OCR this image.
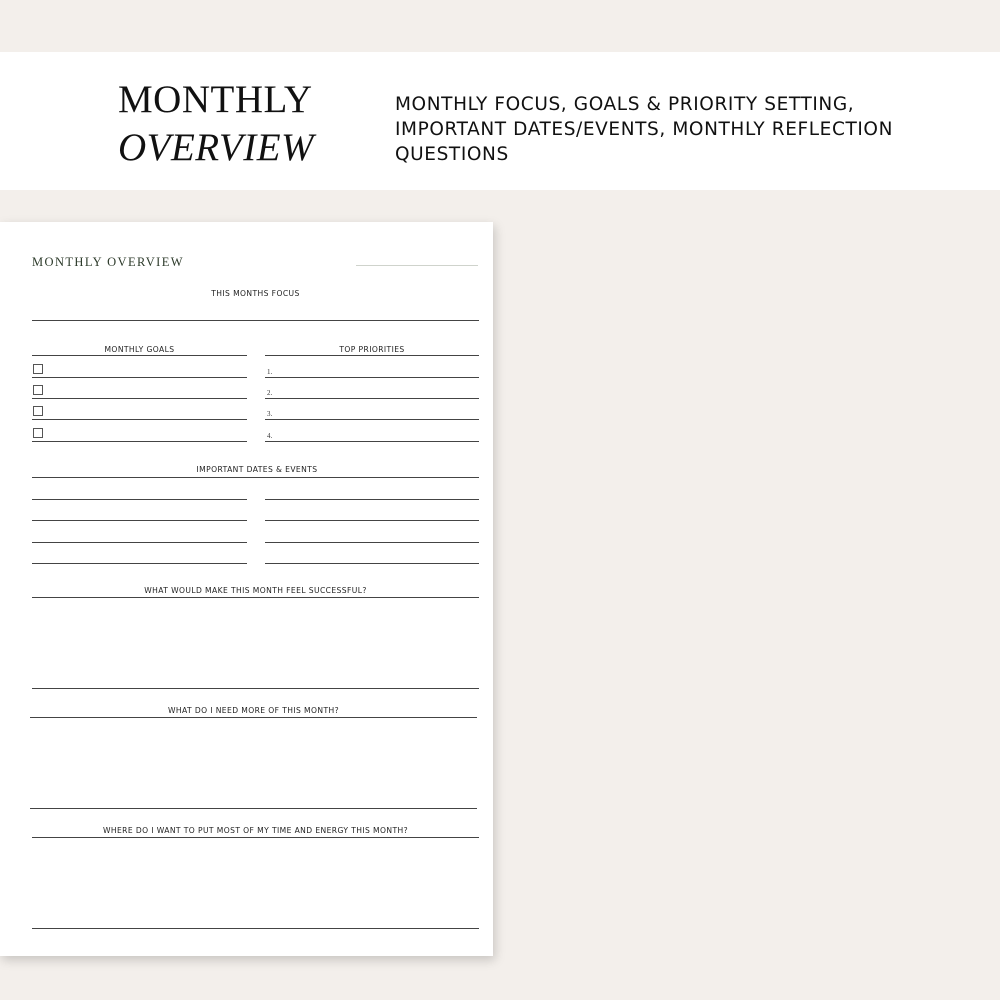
MONTHLY
OVERVIEW
MONTHLY FOCUS, GOALS & PRIORITY SETTING, IMPORTANT DATES/EVENTS, MONTHLY REFLECTION QUESTIONS
MONTHLY OVERVIEW
THIS MONTHS FOCUS
MONTHLY GOALS	TOP PRIORITIES
1.
2.
3.
4.
IMPORTANT DATES & EVENTS
WHAT WOULD MAKE THIS MONTH FEEL SUCCESSFUL?
WHAT DO I NEED MORE OF THIS MONTH?
WHERE DO I WANT TO PUT MOST OF MY TIME AND ENERGY THIS MONTH?
